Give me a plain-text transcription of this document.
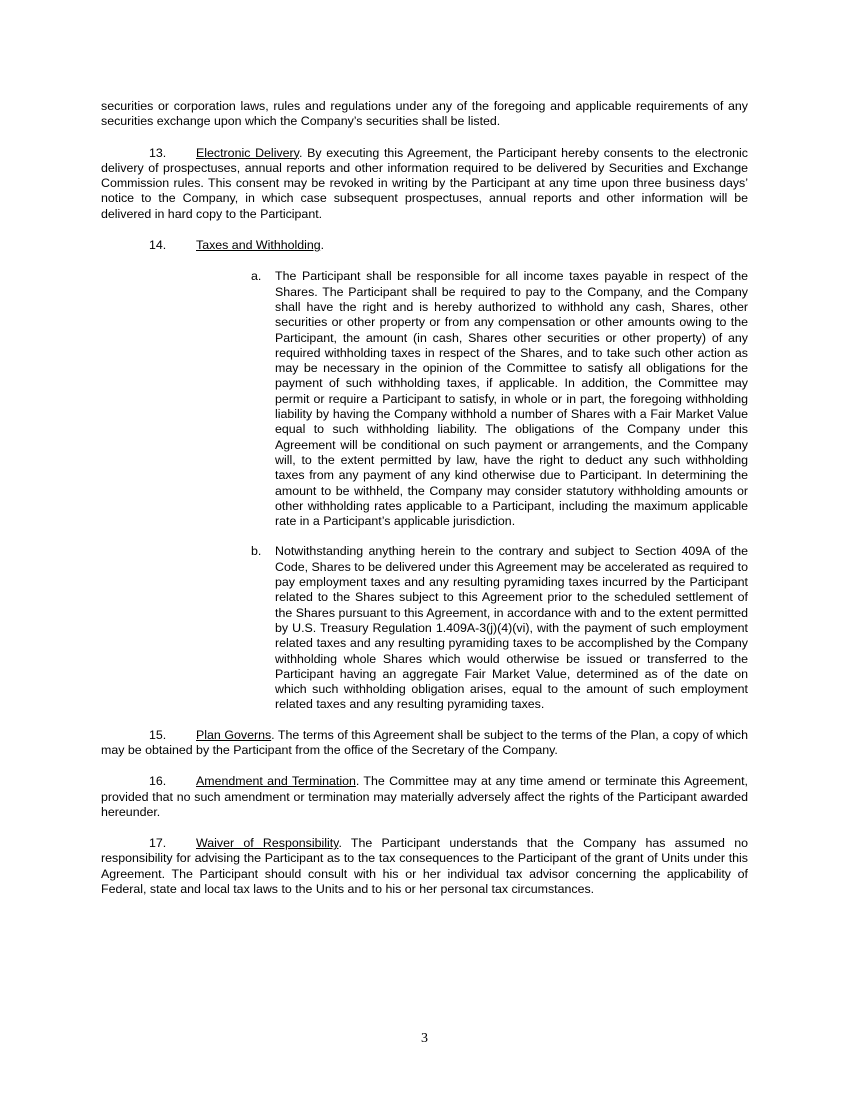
securities or corporation laws, rules and regulations under any of the foregoing and applicable requirements of any securities exchange upon which the Company’s securities shall be listed.

13. Electronic Delivery. By executing this Agreement, the Participant hereby consents to the electronic delivery of prospectuses, annual reports and other information required to be delivered by Securities and Exchange Commission rules. This consent may be revoked in writing by the Participant at any time upon three business days’ notice to the Company, in which case subsequent prospectuses, annual reports and other information will be delivered in hard copy to the Participant.

14. Taxes and Withholding.

a. The Participant shall be responsible for all income taxes payable in respect of the Shares. The Participant shall be required to pay to the Company, and the Company shall have the right and is hereby authorized to withhold any cash, Shares, other securities or other property or from any compensation or other amounts owing to the Participant, the amount (in cash, Shares other securities or other property) of any required withholding taxes in respect of the Shares, and to take such other action as may be necessary in the opinion of the Committee to satisfy all obligations for the payment of such withholding taxes, if applicable. In addition, the Committee may permit or require a Participant to satisfy, in whole or in part, the foregoing withholding liability by having the Company withhold a number of Shares with a Fair Market Value equal to such withholding liability. The obligations of the Company under this Agreement will be conditional on such payment or arrangements, and the Company will, to the extent permitted by law, have the right to deduct any such withholding taxes from any payment of any kind otherwise due to Participant. In determining the amount to be withheld, the Company may consider statutory withholding amounts or other withholding rates applicable to a Participant, including the maximum applicable rate in a Participant’s applicable jurisdiction.

b. Notwithstanding anything herein to the contrary and subject to Section 409A of the Code, Shares to be delivered under this Agreement may be accelerated as required to pay employment taxes and any resulting pyramiding taxes incurred by the Participant related to the Shares subject to this Agreement prior to the scheduled settlement of the Shares pursuant to this Agreement, in accordance with and to the extent permitted by U.S. Treasury Regulation 1.409A-3(j)(4)(vi), with the payment of such employment related taxes and any resulting pyramiding taxes to be accomplished by the Company withholding whole Shares which would otherwise be issued or transferred to the Participant having an aggregate Fair Market Value, determined as of the date on which such withholding obligation arises, equal to the amount of such employment related taxes and any resulting pyramiding taxes.

15. Plan Governs. The terms of this Agreement shall be subject to the terms of the Plan, a copy of which may be obtained by the Participant from the office of the Secretary of the Company.

16. Amendment and Termination. The Committee may at any time amend or terminate this Agreement, provided that no such amendment or termination may materially adversely affect the rights of the Participant awarded hereunder.

17. Waiver of Responsibility. The Participant understands that the Company has assumed no responsibility for advising the Participant as to the tax consequences to the Participant of the grant of Units under this Agreement. The Participant should consult with his or her individual tax advisor concerning the applicability of Federal, state and local tax laws to the Units and to his or her personal tax circumstances.

3
